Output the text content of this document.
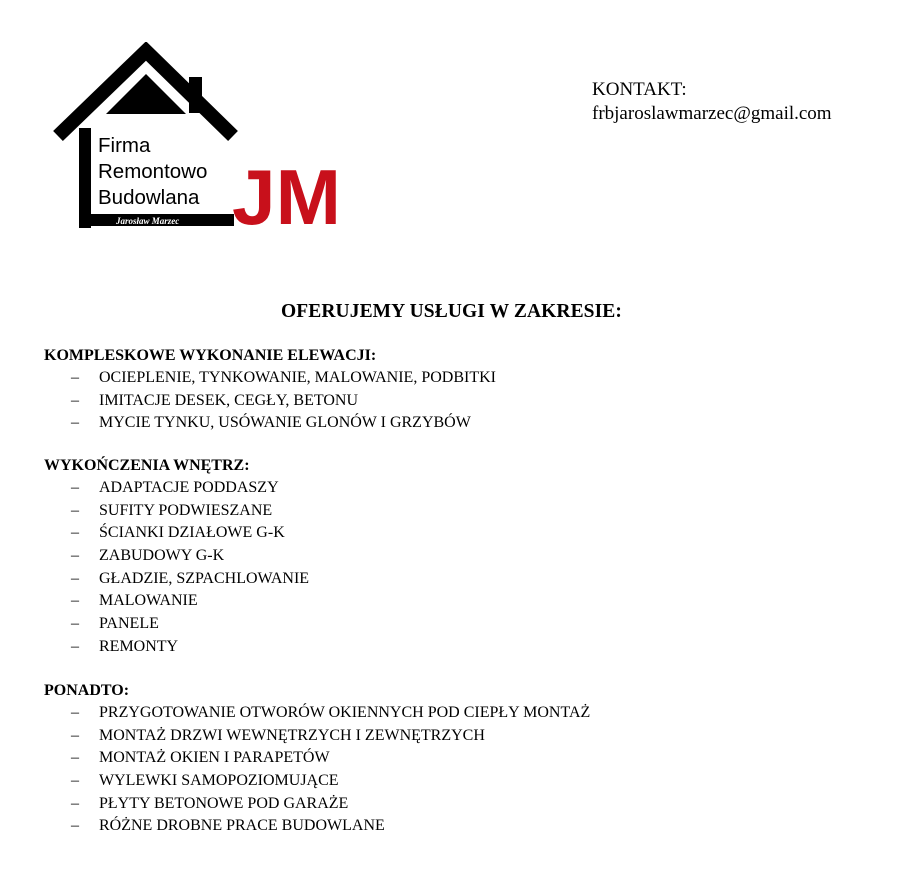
Firma
Remontowo
Budowlana
Jarosław Marzec JM
KONTAKT:
frbjaroslawmarzec@gmail.com
OFERUJEMY USŁUGI W ZAKRESIE:
KOMPLESKOWE WYKONANIE ELEWACJI:
– OCIEPLENIE, TYNKOWANIE, MALOWANIE, PODBITKI
– IMITACJE DESEK, CEGŁY, BETONU
– MYCIE TYNKU, USÓWANIE GLONÓW I GRZYBÓW
WYKOŃCZENIA WNĘTRZ:
– ADAPTACJE PODDASZY
– SUFITY PODWIESZANE
– ŚCIANKI DZIAŁOWE G-K
– ZABUDOWY G-K
– GŁADZIE, SZPACHLOWANIE
– MALOWANIE
– PANELE
– REMONTY
PONADTO:
– PRZYGOTOWANIE OTWORÓW OKIENNYCH POD CIEPŁY MONTAŻ
– MONTAŻ DRZWI WEWNĘTRZYCH I ZEWNĘTRZYCH
– MONTAŻ OKIEN I PARAPETÓW
– WYLEWKI SAMOPOZIOMUJĄCE
– PŁYTY BETONOWE POD GARAŻE
– RÓŻNE DROBNE PRACE BUDOWLANE
